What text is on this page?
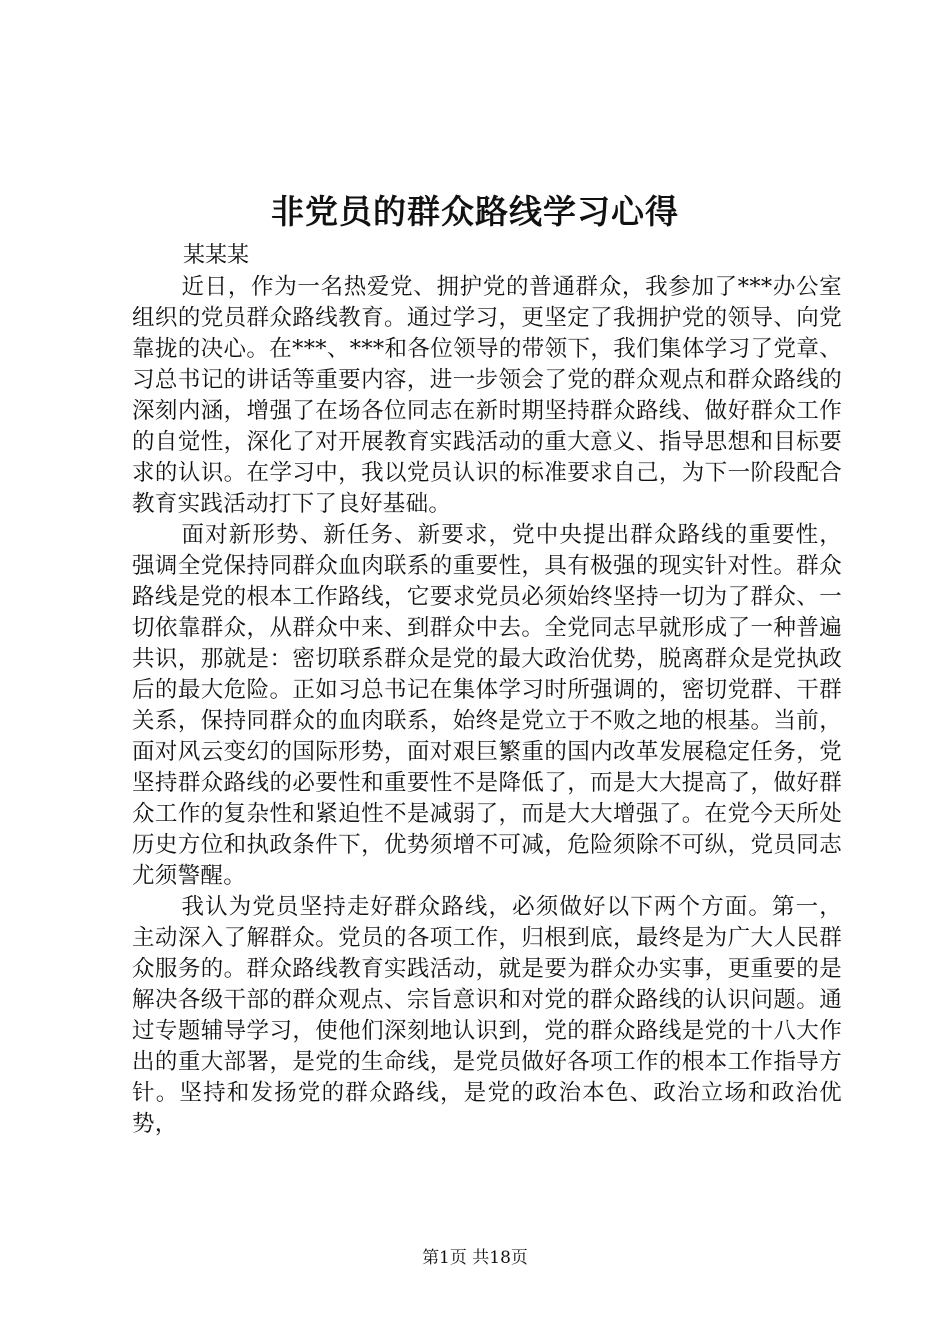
非党员的群众路线学习心得
某某某

近日，作为一名热爱党、拥护党的普通群众，我参加了***办公室组织的党员群众路线教育。通过学习，更坚定了我拥护党的领导、向党靠拢的决心。在***、***和各位领导的带领下，我们集体学习了党章、习总书记的讲话等重要内容，进一步领会了党的群众观点和群众路线的深刻内涵，增强了在场各位同志在新时期坚持群众路线、做好群众工作的自觉性，深化了对开展教育实践活动的重大意义、指导思想和目标要求的认识。在学习中，我以党员认识的标准要求自己，为下一阶段配合教育实践活动打下了良好基础。

面对新形势、新任务、新要求，党中央提出群众路线的重要性，强调全党保持同群众血肉联系的重要性，具有极强的现实针对性。群众路线是党的根本工作路线，它要求党员必须始终坚持一切为了群众、一切依靠群众，从群众中来、到群众中去。全党同志早就形成了一种普遍共识，那就是：密切联系群众是党的最大政治优势，脱离群众是党执政后的最大危险。正如习总书记在集体学习时所强调的，密切党群、干群关系，保持同群众的血肉联系，始终是党立于不败之地的根基。当前，面对风云变幻的国际形势，面对艰巨繁重的国内改革发展稳定任务，党坚持群众路线的必要性和重要性不是降低了，而是大大提高了，做好群众工作的复杂性和紧迫性不是减弱了，而是大大增强了。在党今天所处历史方位和执政条件下，优势须增不可减，危险须除不可纵，党员同志尤须警醒。

我认为党员坚持走好群众路线，必须做好以下两个方面。第一，主动深入了解群众。党员的各项工作，归根到底，最终是为广大人民群众服务的。群众路线教育实践活动，就是要为群众办实事，更重要的是解决各级干部的群众观点、宗旨意识和对党的群众路线的认识问题。通过专题辅导学习，使他们深刻地认识到，党的群众路线是党的十八大作出的重大部署，是党的生命线，是党员做好各项工作的根本工作指导方针。坚持和发扬党的群众路线，是党的政治本色、政治立场和政治优势，

第1页 共18页
